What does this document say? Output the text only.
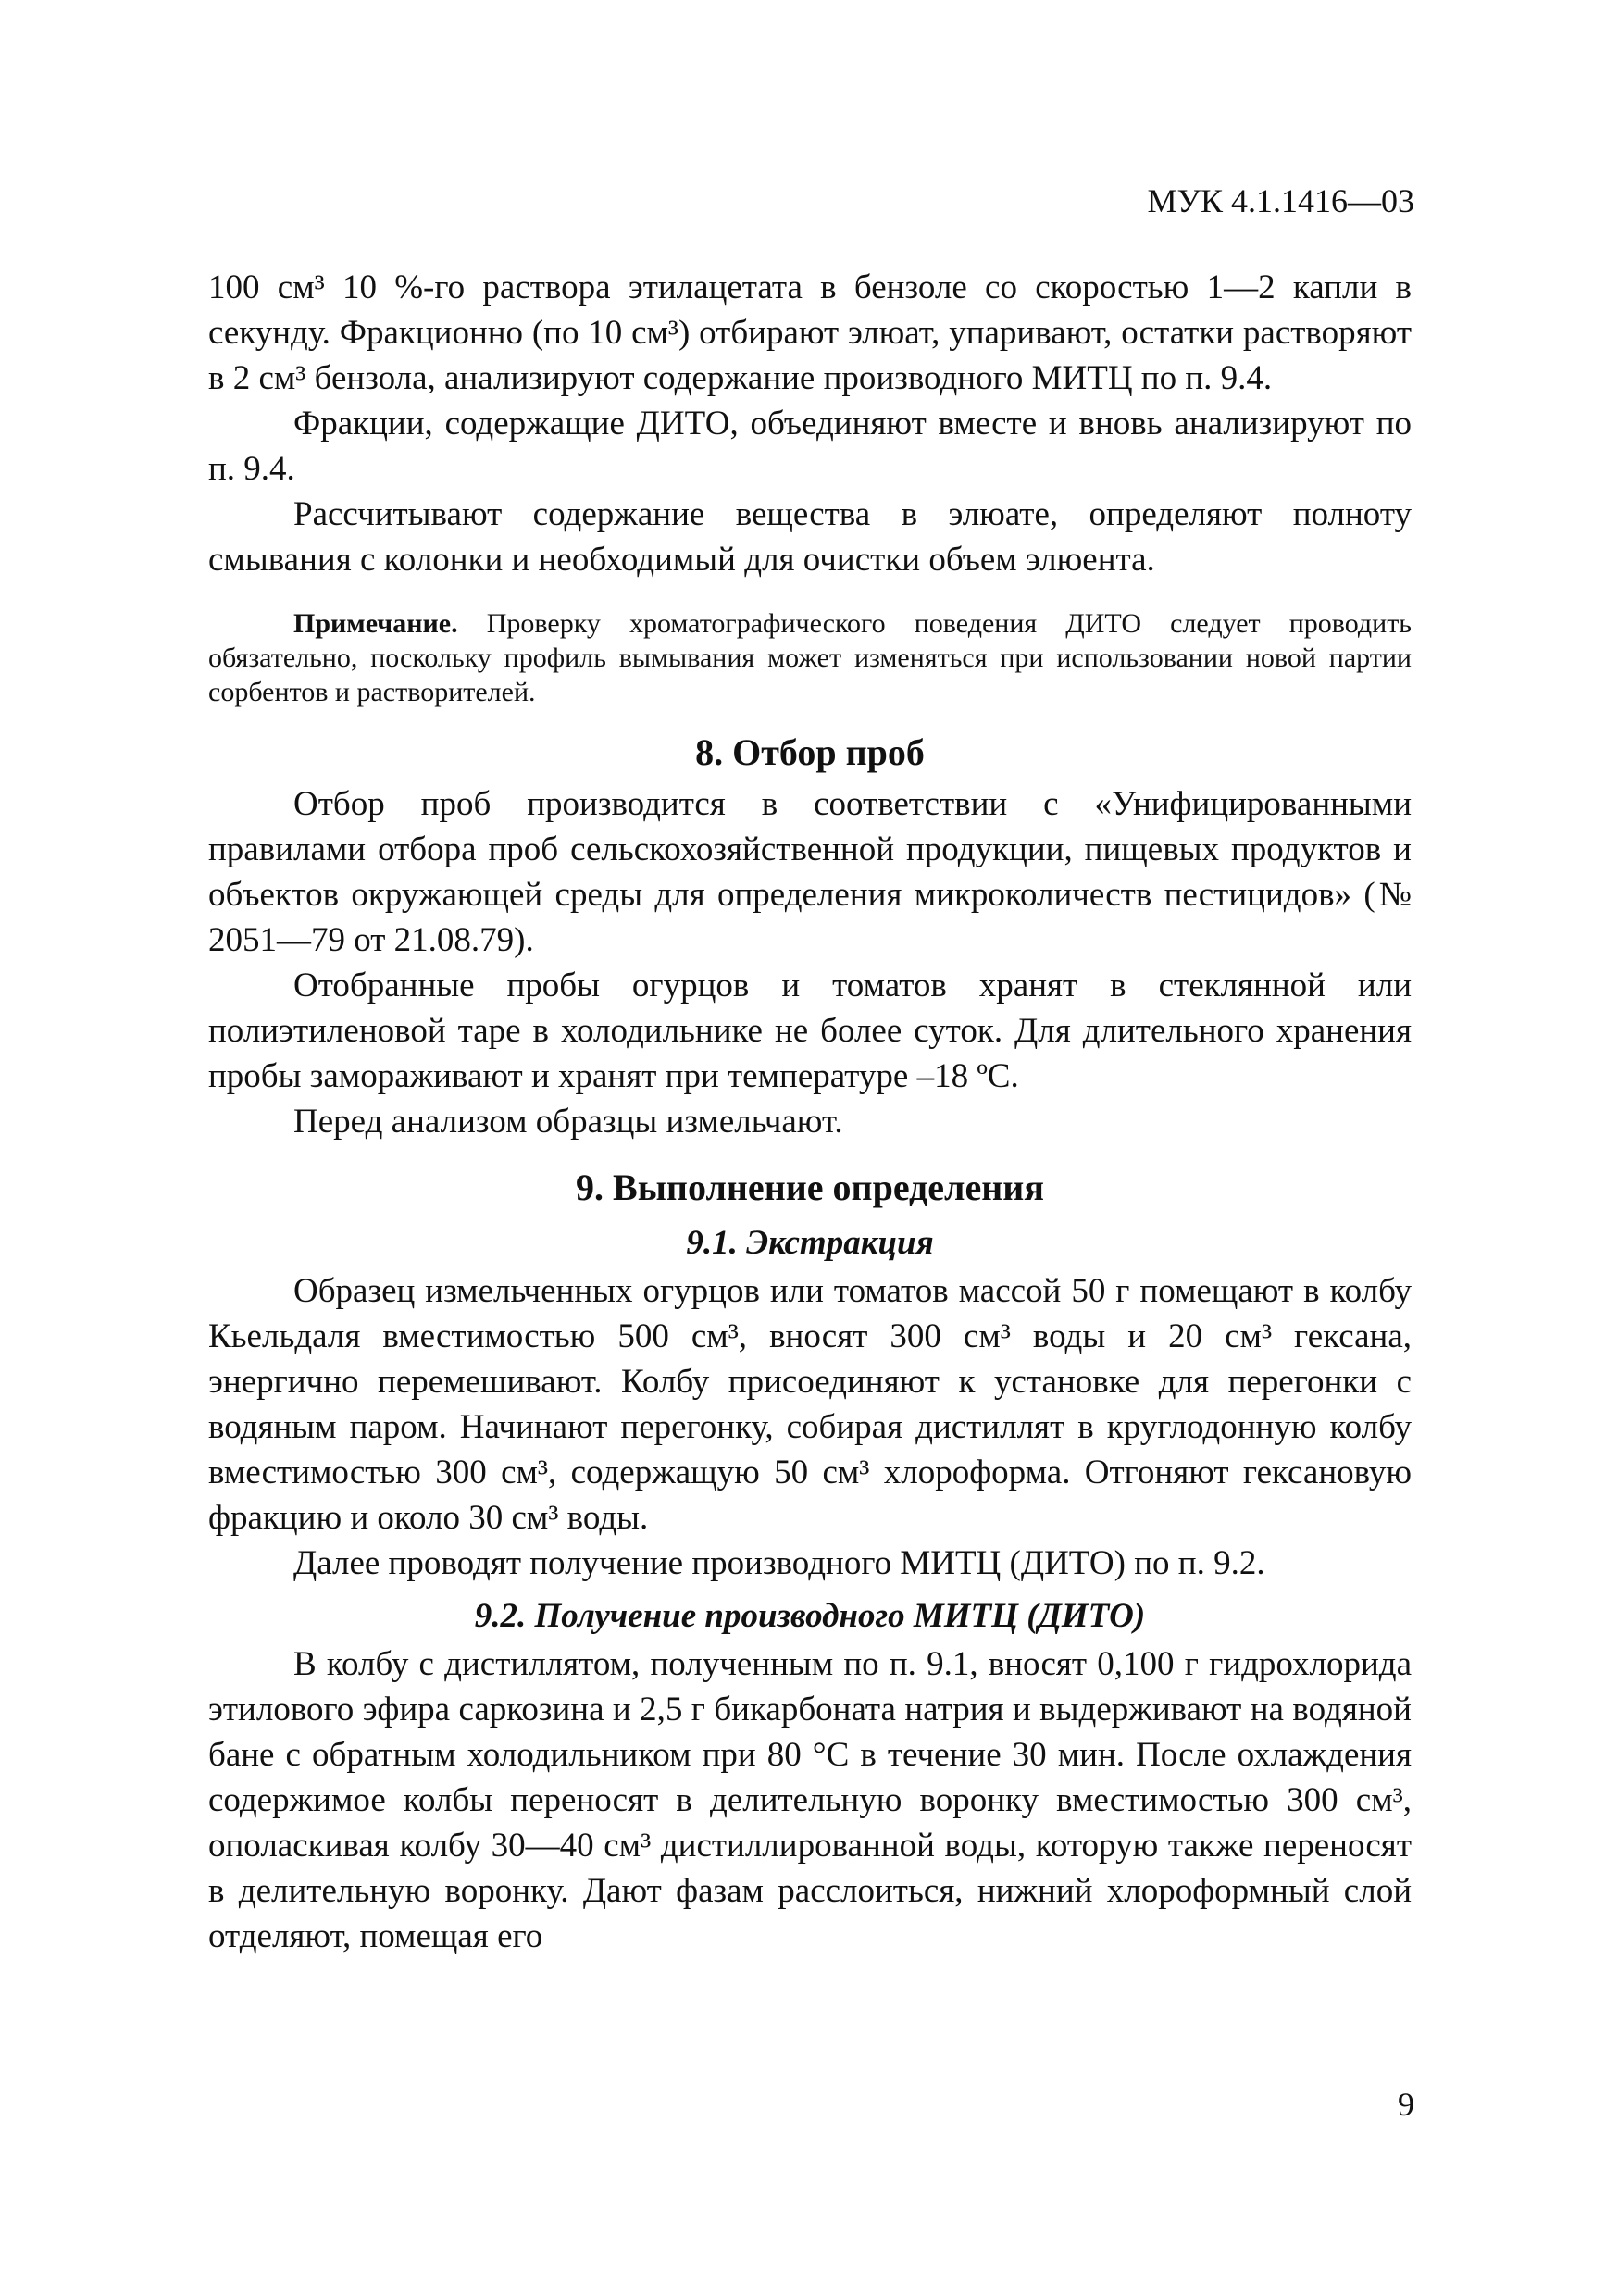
МУК 4.1.1416—03

100 см³ 10 %-го раствора этилацетата в бензоле со скоростью 1—2 капли в секунду. Фракционно (по 10 см³) отбирают элюат, упаривают, остатки растворяют в 2 см³ бензола, анализируют содержание производного МИТЦ по п. 9.4.

Фракции, содержащие ДИТО, объединяют вместе и вновь анализируют по п. 9.4.

Рассчитывают содержание вещества в элюате, определяют полноту смывания с колонки и необходимый для очистки объем элюента.

Примечание. Проверку хроматографического поведения ДИТО следует проводить обязательно, поскольку профиль вымывания может изменяться при использовании новой партии сорбентов и растворителей.

8. Отбор проб

Отбор проб производится в соответствии с «Унифицированными правилами отбора проб сельскохозяйственной продукции, пищевых продуктов и объектов окружающей среды для определения микроколичеств пестицидов» (№ 2051—79 от 21.08.79).

Отобранные пробы огурцов и томатов хранят в стеклянной или полиэтиленовой таре в холодильнике не более суток. Для длительного хранения пробы замораживают и хранят при температуре –18 ºС.

Перед анализом образцы измельчают.

9. Выполнение определения

9.1. Экстракция

Образец измельченных огурцов или томатов массой 50 г помещают в колбу Кьельдаля вместимостью 500 см³, вносят 300 см³ воды и 20 см³ гексана, энергично перемешивают. Колбу присоединяют к установке для перегонки с водяным паром. Начинают перегонку, собирая дистиллят в круглодонную колбу вместимостью 300 см³, содержащую 50 см³ хлороформа. Отгоняют гексановую фракцию и около 30 см³ воды.

Далее проводят получение производного МИТЦ (ДИТО) по п. 9.2.

9.2. Получение производного МИТЦ (ДИТО)

В колбу с дистиллятом, полученным по п. 9.1, вносят 0,100 г гидрохлорида этилового эфира саркозина и 2,5 г бикарбоната натрия и выдерживают на водяной бане с обратным холодильником при 80 °С в течение 30 мин. После охлаждения содержимое колбы переносят в делительную воронку вместимостью 300 см³, ополаскивая колбу 30—40 см³ дистиллированной воды, которую также переносят в делительную воронку. Дают фазам расслоиться, нижний хлороформный слой отделяют, помещая его

9
